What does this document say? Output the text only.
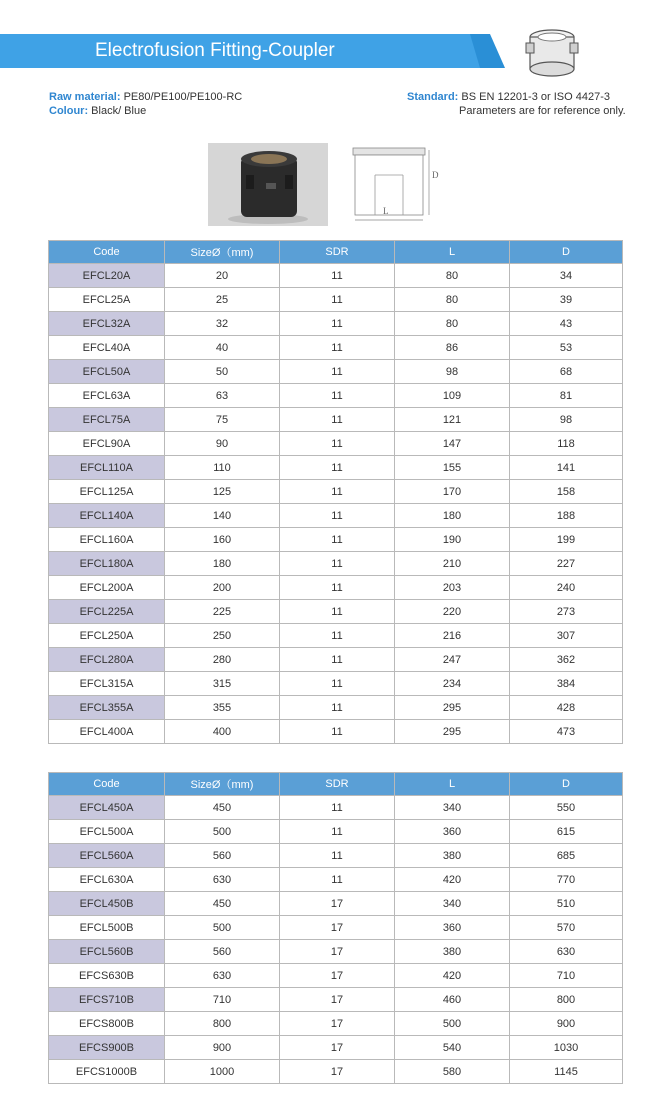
Electrofusion Fitting-Coupler
Raw material: PE80/PE100/PE100-RC
Colour: Black/ Blue
Standard: BS EN 12201-3 or ISO 4427-3
Parameters are for reference only.
D
L
Code	SizeØ（mm)	SDR	L	D
EFCL20A	20	11	80	34
EFCL25A	25	11	80	39
EFCL32A	32	11	80	43
EFCL40A	40	11	86	53
EFCL50A	50	11	98	68
EFCL63A	63	11	109	81
EFCL75A	75	11	121	98
EFCL90A	90	11	147	118
EFCL110A	110	11	155	141
EFCL125A	125	11	170	158
EFCL140A	140	11	180	188
EFCL160A	160	11	190	199
EFCL180A	180	11	210	227
EFCL200A	200	11	203	240
EFCL225A	225	11	220	273
EFCL250A	250	11	216	307
EFCL280A	280	11	247	362
EFCL315A	315	11	234	384
EFCL355A	355	11	295	428
EFCL400A	400	11	295	473
Code	SizeØ（mm)	SDR	L	D
EFCL450A	450	11	340	550
EFCL500A	500	11	360	615
EFCL560A	560	11	380	685
EFCL630A	630	11	420	770
EFCL450B	450	17	340	510
EFCL500B	500	17	360	570
EFCL560B	560	17	380	630
EFCS630B	630	17	420	710
EFCS710B	710	17	460	800
EFCS800B	800	17	500	900
EFCS900B	900	17	540	1030
EFCS1000B	1000	17	580	1145
